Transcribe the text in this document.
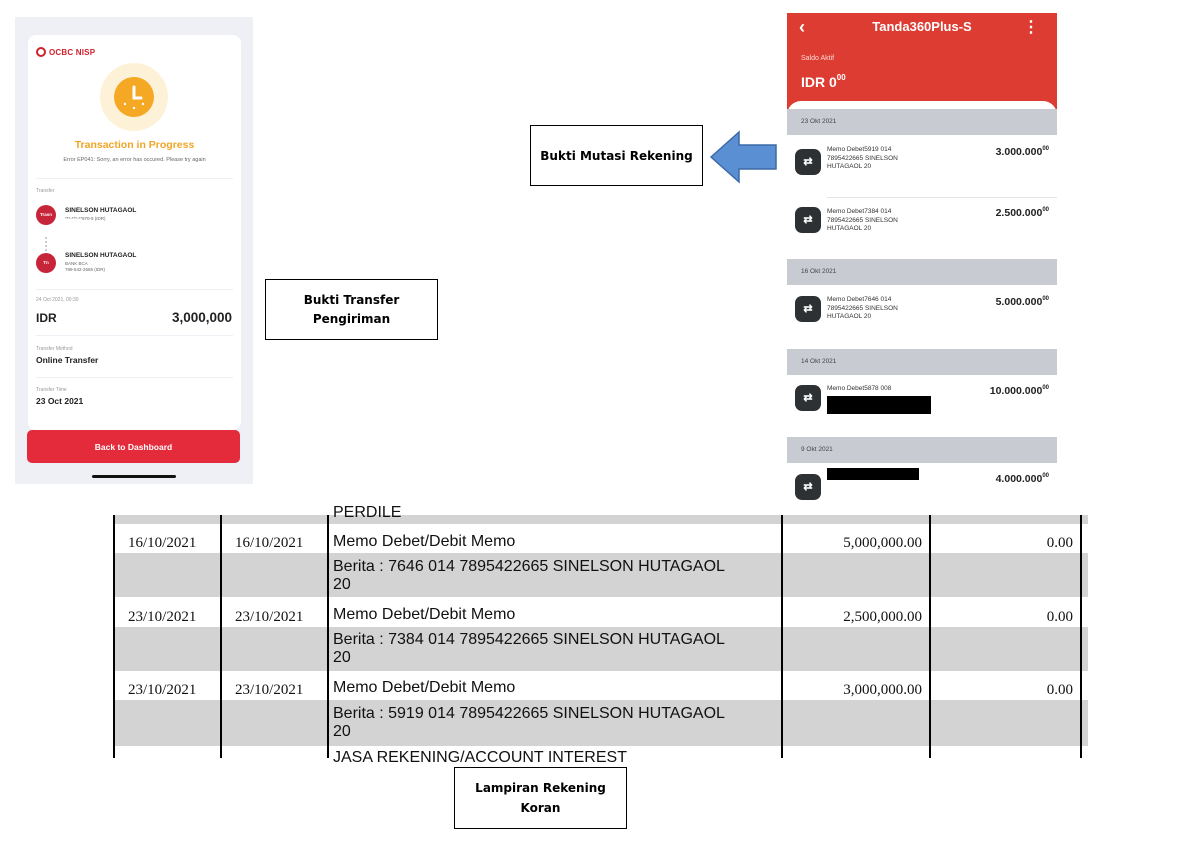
OCBC NISP
Transaction in Progress
Error EP041: Sorry, an error has occured. Please try again
Transfer
Trasn
SINELSON HUTAGAOL
***-***-**970-9 (IDR)
Tn
SINELSON HUTAGAOL
BANK BCA
789-542-2665 (IDR)
24 Oct 2021, 00:30
IDR	3,000,000
Transfer Method
Online Transfer
Transfer Time
23 Oct 2021
Back to Dashboard
Bukti Transfer
Pengiriman
Bukti Mutasi Rekening
Lampiran Rekening
Koran
‹	Tanda360Plus-S	⋮
Saldo Aktif
IDR $0^{00}$
23 Okt 2021
⇄
Memo Debet5919 014
7895422665 SINELSON
HUTAGAOL 20
3.000.000$^{00}$
⇄
Memo Debet7384 014
7895422665 SINELSON
HUTAGAOL 20
2.500.000$^{00}$
16 Okt 2021
⇄
Memo Debet7646 014
7895422665 SINELSON
HUTAGAOL 20
5.000.000$^{00}$
14 Okt 2021
⇄
Memo Debet5878 008	10.000.000$^{00}$
9 Okt 2021
⇄
4.000.000$^{00}$
PERDILE
16/10/2021	16/10/2021 Memo Debet/Debit Memo	5,000,000.00	0.00
Berita : 7646 014 7895422665 SINELSON HUTAGAOL
20
23/10/2021	23/10/2021 Memo Debet/Debit Memo	2,500,000.00	0.00
Berita : 7384 014 7895422665 SINELSON HUTAGAOL
20
23/10/2021	23/10/2021 Memo Debet/Debit Memo	3,000,000.00	0.00
Berita : 5919 014 7895422665 SINELSON HUTAGAOL
20
JASA REKENING/ACCOUNT INTEREST
